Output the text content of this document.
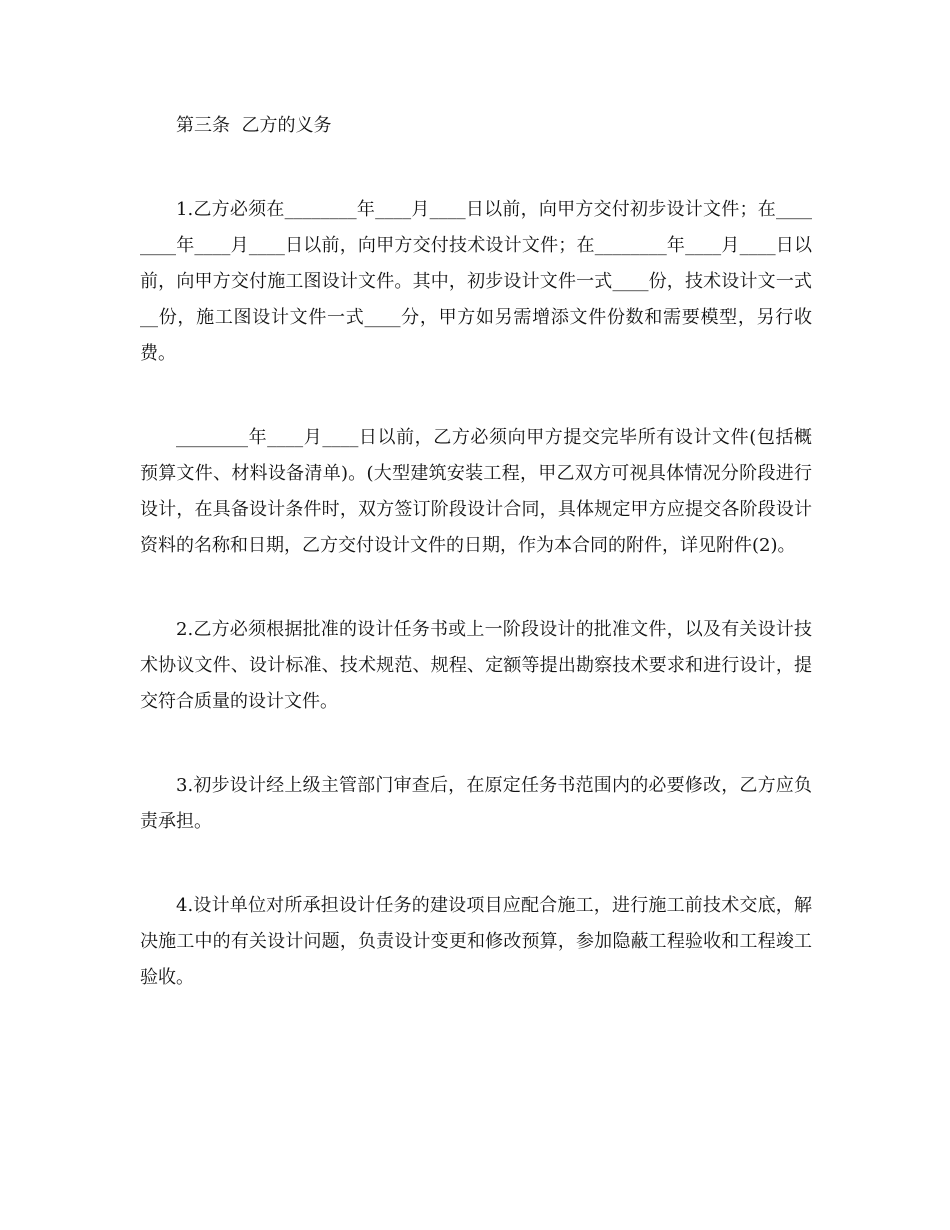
第三条  乙方的义务

1.乙方必须在________年____月____日以前，向甲方交付初步设计文件；在________年____月____日以前，向甲方交付技术设计文件；在________年____月____日以前，向甲方交付施工图设计文件。其中，初步设计文件一式____份，技术设计文一式__份，施工图设计文件一式____分，甲方如另需增添文件份数和需要模型，另行收费。

________年____月____日以前，乙方必须向甲方提交完毕所有设计文件(包括概预算文件、材料设备清单)。(大型建筑安装工程，甲乙双方可视具体情况分阶段进行设计，在具备设计条件时，双方签订阶段设计合同，具体规定甲方应提交各阶段设计资料的名称和日期，乙方交付设计文件的日期，作为本合同的附件，详见附件(2)。

2.乙方必须根据批准的设计任务书或上一阶段设计的批准文件，以及有关设计技术协议文件、设计标准、技术规范、规程、定额等提出勘察技术要求和进行设计，提交符合质量的设计文件。

3.初步设计经上级主管部门审查后，在原定任务书范围内的必要修改，乙方应负责承担。

4.设计单位对所承担设计任务的建设项目应配合施工，进行施工前技术交底，解决施工中的有关设计问题，负责设计变更和修改预算，参加隐蔽工程验收和工程竣工验收。
